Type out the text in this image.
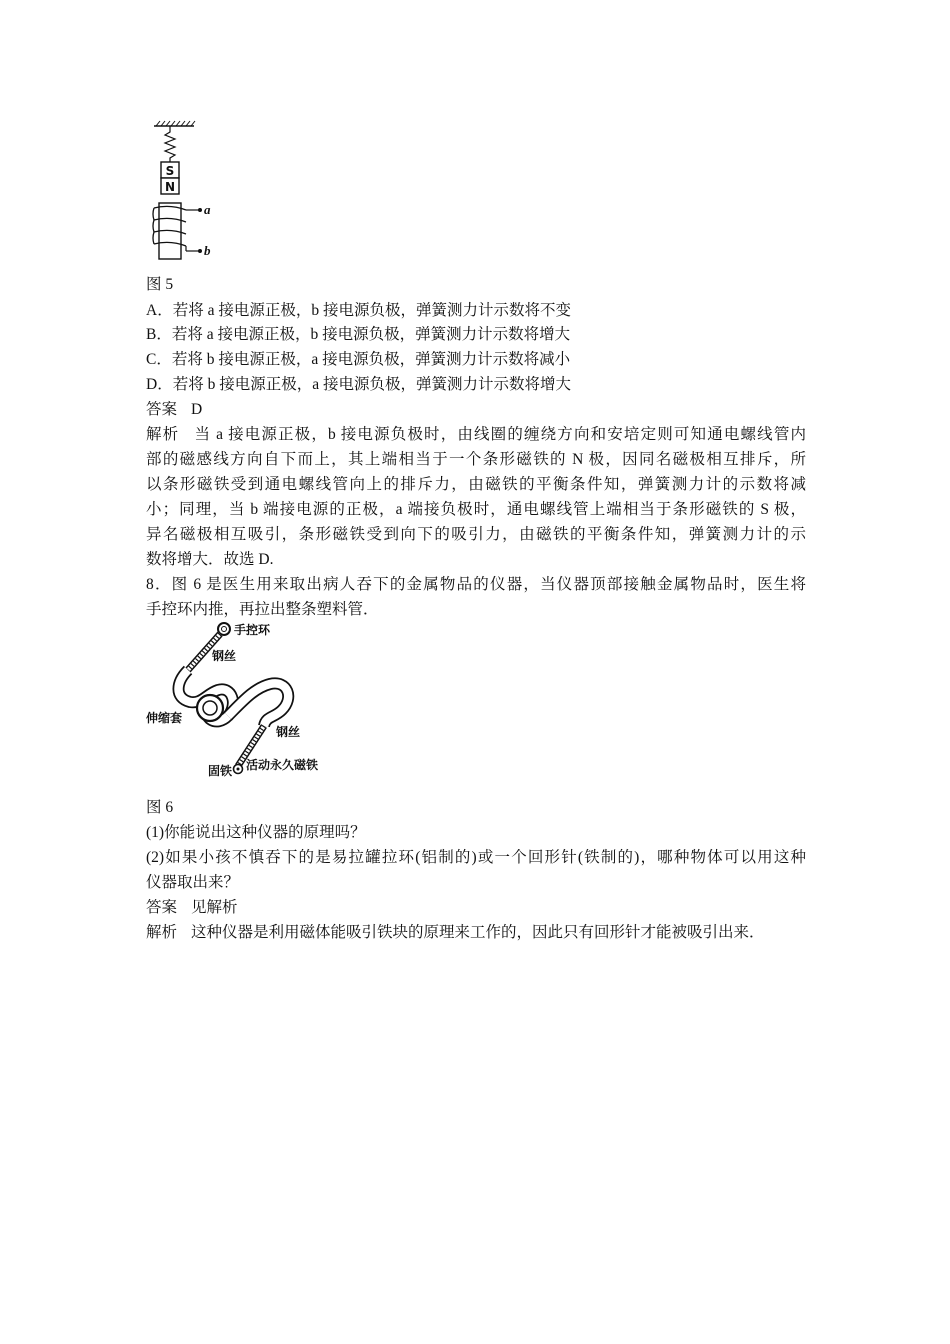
S
N
a
b
图 5
A．若将 a 接电源正极，b 接电源负极，弹簧测力计示数将不变
B．若将 a 接电源正极，b 接电源负极，弹簧测力计示数将增大
C．若将 b 接电源正极，a 接电源负极，弹簧测力计示数将减小
D．若将 b 接电源正极，a 接电源负极，弹簧测力计示数将增大
答案 D
解析 当 a 接电源正极，b 接电源负极时，由线圈的缠绕方向和安培定则可知通电螺线管内
部的磁感线方向自下而上，其上端相当于一个条形磁铁的 N 极，因同名磁极相互排斥，所
以条形磁铁受到通电螺线管向上的排斥力，由磁铁的平衡条件知，弹簧测力计的示数将减
小；同理，当 b 端接电源的正极，a 端接负极时，通电螺线管上端相当于条形磁铁的 S 极，
异名磁极相互吸引，条形磁铁受到向下的吸引力，由磁铁的平衡条件知，弹簧测力计的示
数将增大．故选 D.
8．图 6 是医生用来取出病人吞下的金属物品的仪器，当仪器顶部接触金属物品时，医生将
手控环内推，再拉出整条塑料管．
手控环
钢丝
伸缩套
钢丝
固铁 活动永久磁铁
图 6
(1)你能说出这种仪器的原理吗？
(2)如果小孩不慎吞下的是易拉罐拉环(铝制的)或一个回形针(铁制的)，哪种物体可以用这种
仪器取出来？
答案 见解析
解析 这种仪器是利用磁体能吸引铁块的原理来工作的，因此只有回形针才能被吸引出来．
